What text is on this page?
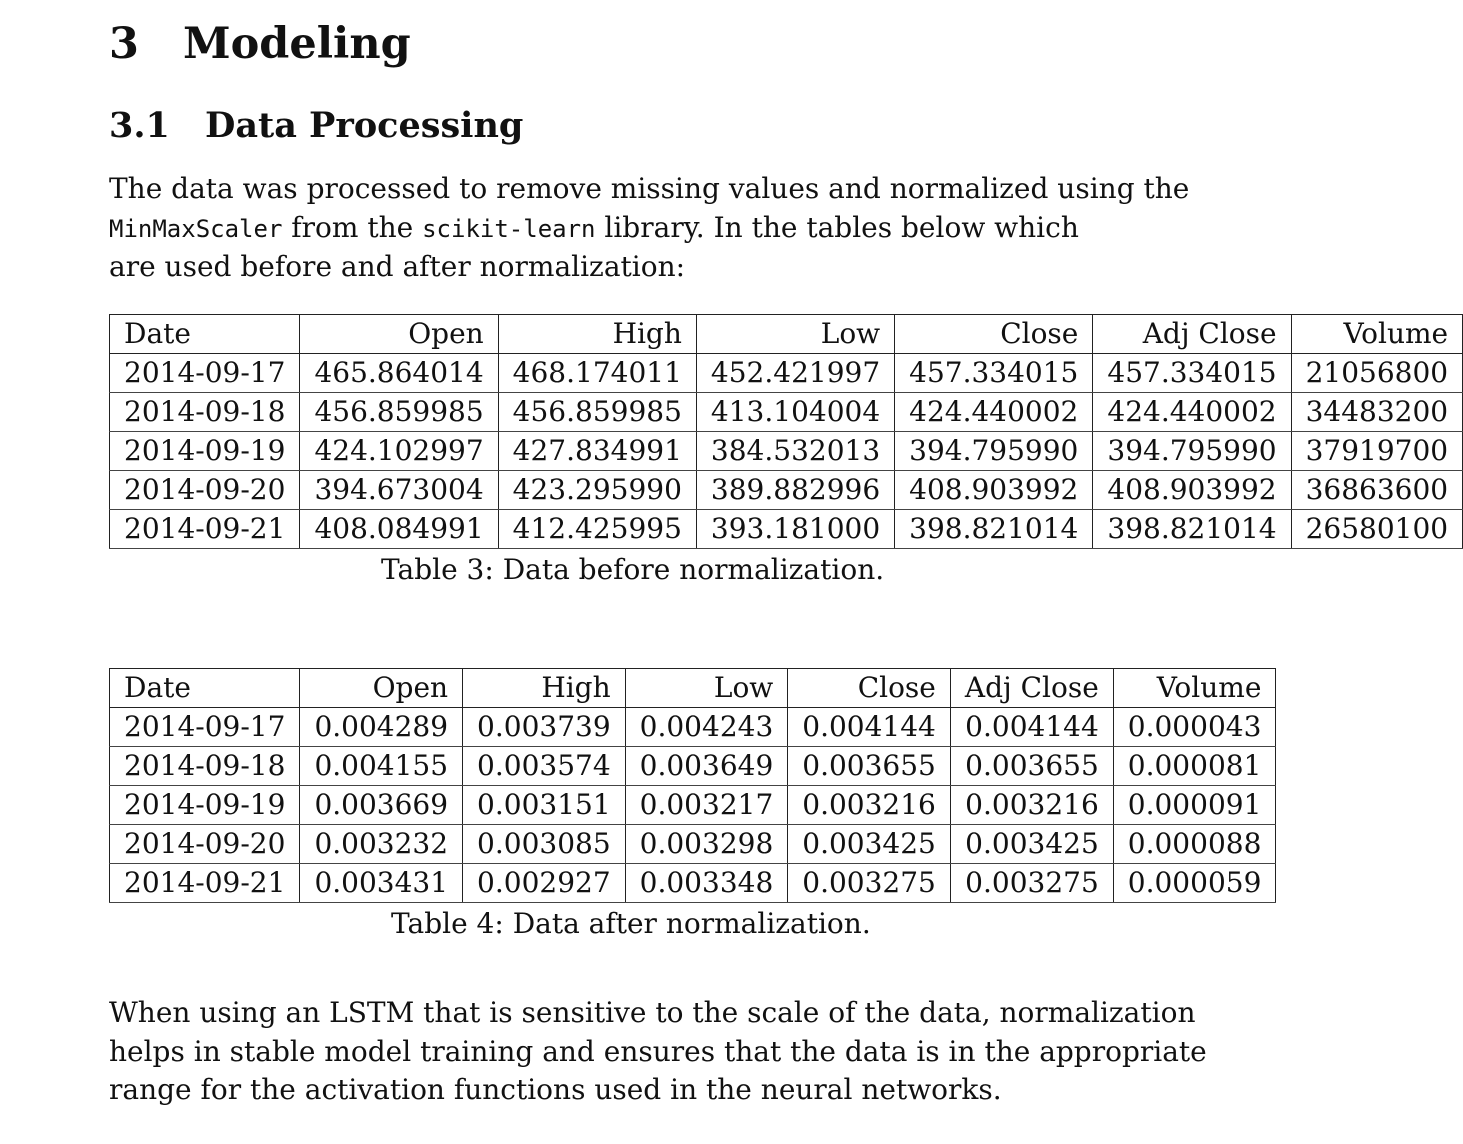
3 Modeling
3.1 Data Processing

The data was processed to remove missing values and normalized using the
MinMaxScaler from the scikit-learn library. In the tables below which
are used before and after normalization:

Date	Open	High	Low	Close	Adj Close	Volume
2014-09-17	465.864014	468.174011	452.421997	457.334015	457.334015	21056800
2014-09-18	456.859985	456.859985	413.104004	424.440002	424.440002	34483200
2014-09-19	424.102997	427.834991	384.532013	394.795990	394.795990	37919700
2014-09-20	394.673004	423.295990	389.882996	408.903992	408.903992	36863600
2014-09-21	408.084991	412.425995	393.181000	398.821014	398.821014	26580100

Table 3: Data before normalization.

Date	Open	High	Low	Close	Adj Close	Volume
2014-09-17	0.004289	0.003739	0.004243	0.004144	0.004144	0.000043
2014-09-18	0.004155	0.003574	0.003649	0.003655	0.003655	0.000081
2014-09-19	0.003669	0.003151	0.003217	0.003216	0.003216	0.000091
2014-09-20	0.003232	0.003085	0.003298	0.003425	0.003425	0.000088
2014-09-21	0.003431	0.002927	0.003348	0.003275	0.003275	0.000059

Table 4: Data after normalization.

When using an LSTM that is sensitive to the scale of the data, normalization
helps in stable model training and ensures that the data is in the appropriate
range for the activation functions used in the neural networks.
